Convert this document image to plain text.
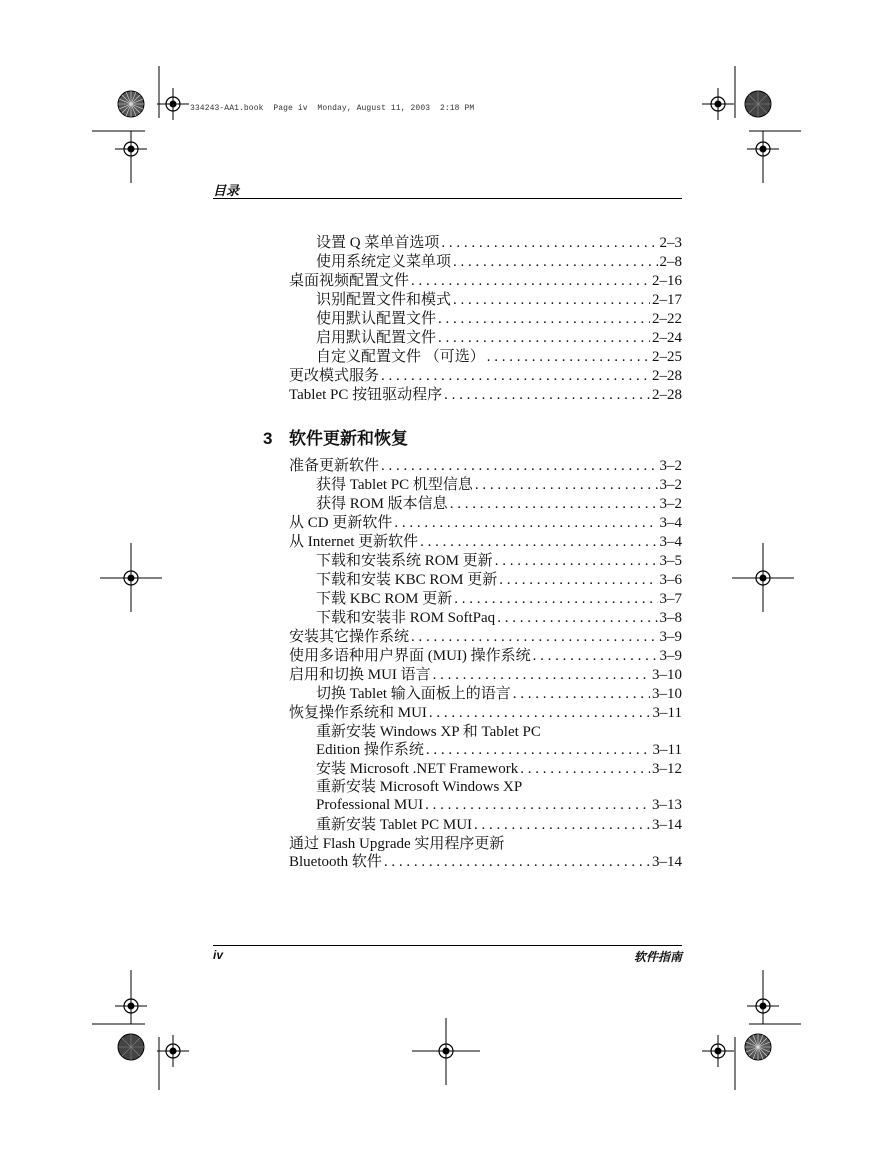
334243-AA1.book  Page iv  Monday, August 11, 2003  2:18 PM
目录
设置 Q 菜单首选项 . . .	2–3
使用系统定义菜单项 . . .	2–8
桌面视频配置文件 . . .	2–16
识别配置文件和模式 . . .	2–17
使用默认配置文件 . . .	2–22
启用默认配置文件 . . .	2–24
自定义配置文件 （可选） . . .	2–25
更改模式服务 . . .	2–28
Tablet PC 按钮驱动程序 . . .	2–28
3 软件更新和恢复
准备更新软件 . . .	3–2
获得 Tablet PC 机型信息 . . .	3–2
获得 ROM 版本信息 . . .	3–2
从 CD 更新软件 . . .	3–4
从 Internet 更新软件 . . .	3–4
下载和安装系统 ROM 更新 . . .	3–5
下载和安装 KBC ROM 更新 . . .	3–6
下载 KBC ROM 更新 . . .	3–7
下载和安装非 ROM SoftPaq . . .	3–8
安装其它操作系统 . . .	3–9
使用多语种用户界面 (MUI) 操作系统 . . .	3–9
启用和切换 MUI 语言 . . .	3–10
切换 Tablet 输入面板上的语言 . . .	3–10
恢复操作系统和 MUI . . .	3–11
重新安装 Windows XP 和 Tablet PC
Edition 操作系统 . . .	3–11
安装 Microsoft .NET Framework . . .	3–12
重新安装 Microsoft Windows XP
Professional MUI . . .	3–13
重新安装 Tablet PC MUI . . .	3–14
通过 Flash Upgrade 实用程序更新
Bluetooth 软件 . . .	3–14
iv	软件指南
